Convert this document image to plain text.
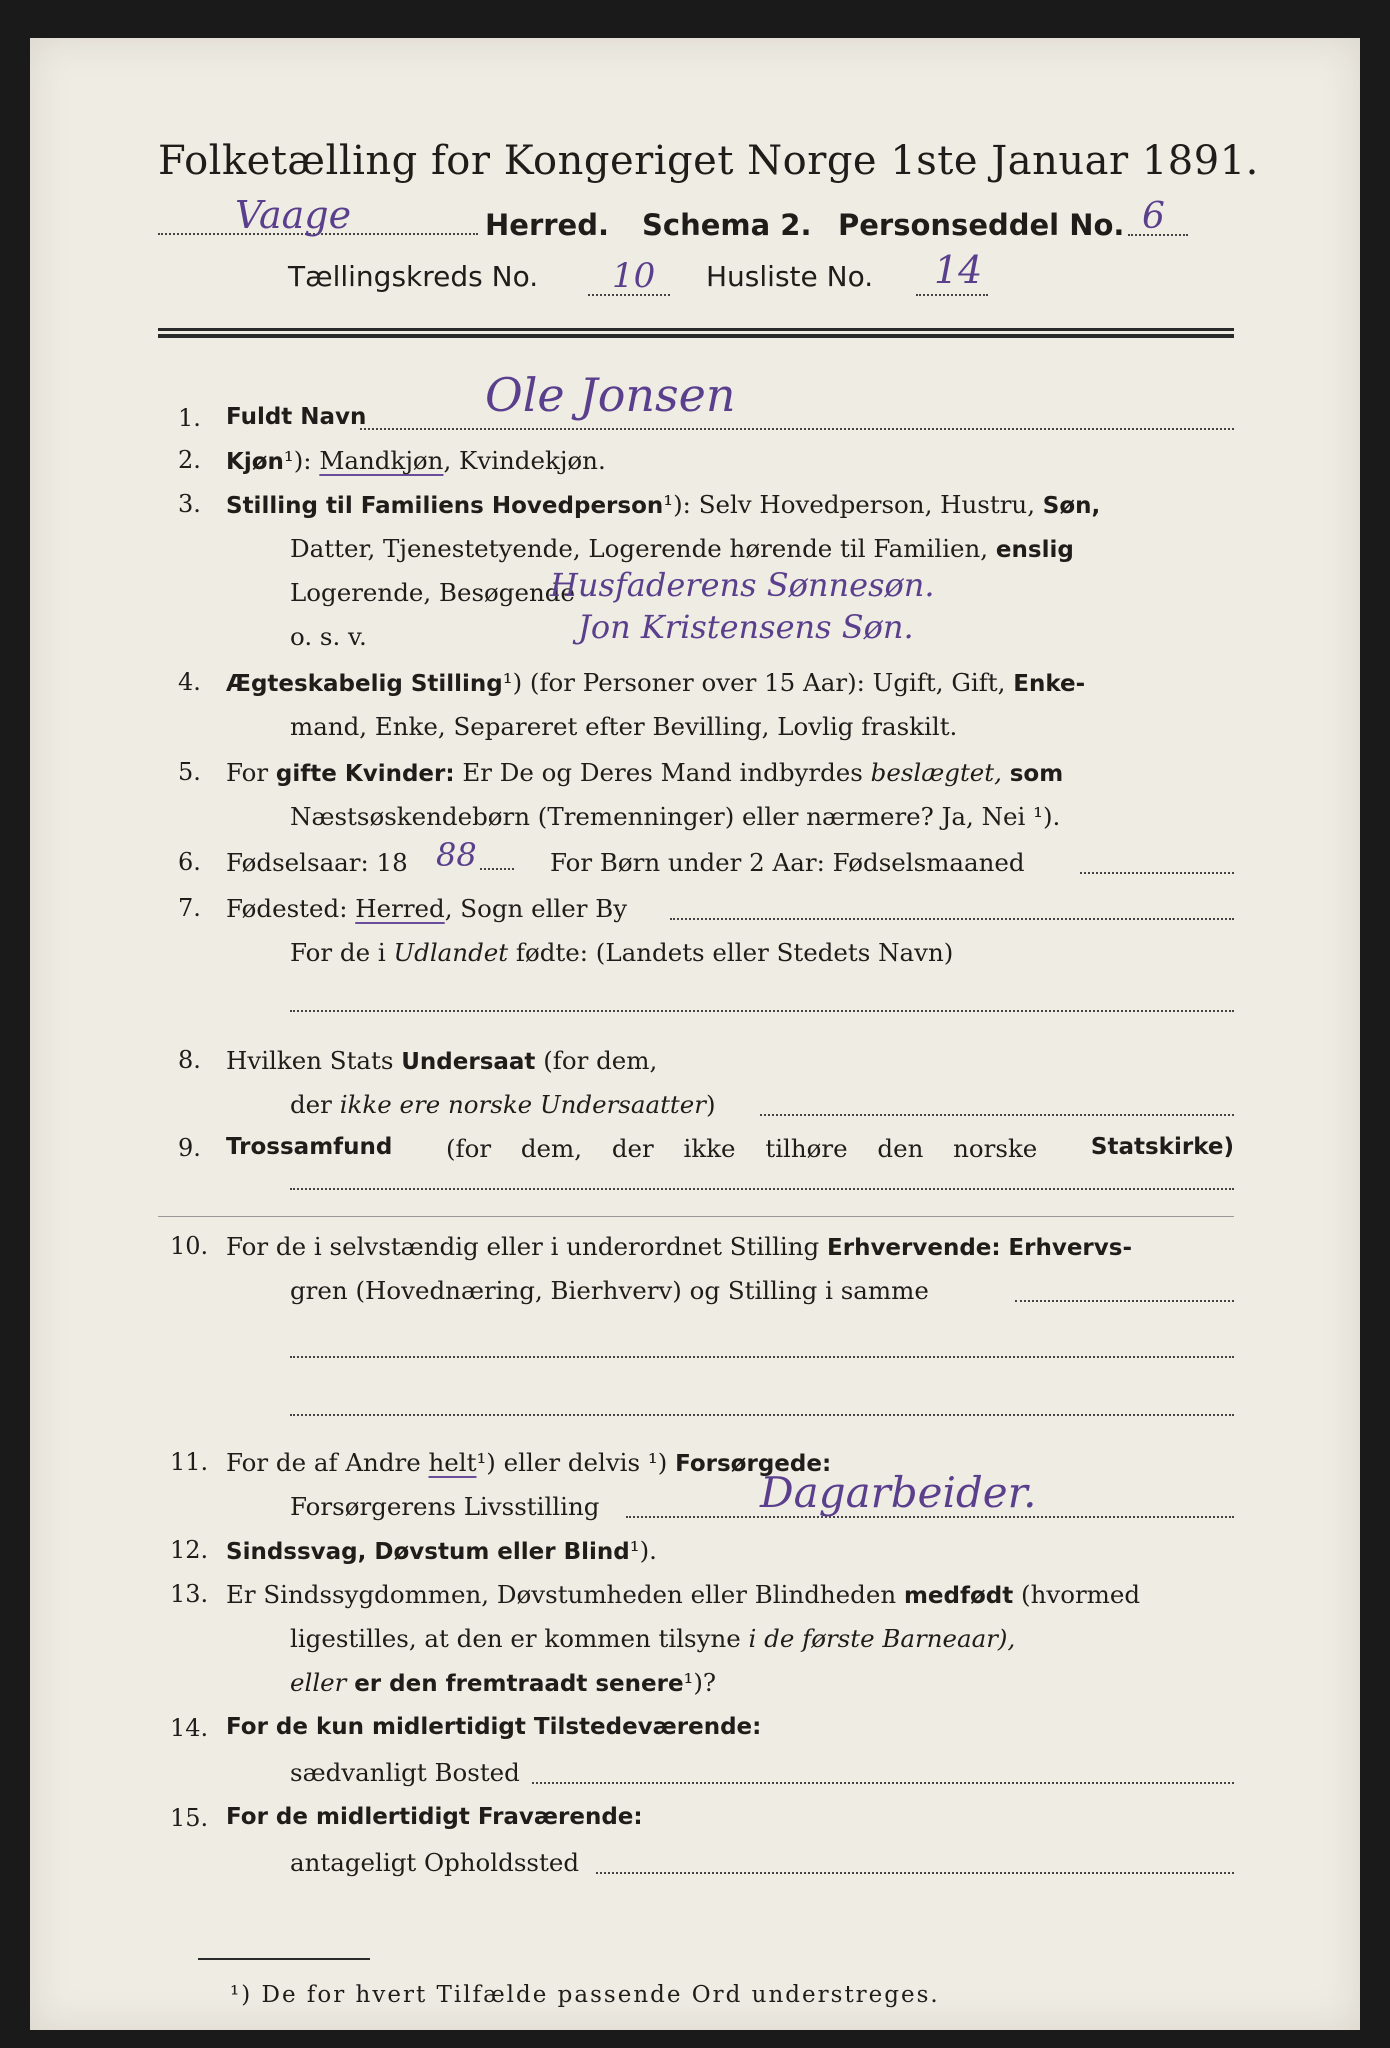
Folketælling for Kongeriget Norge 1ste Januar 1891.
Vaage	Herred. Schema 2. Personseddel No. 6
Tællingskreds No. 10 Husliste No. 14
1. Fuldt Navn	Ole Jonsen
2. Kjøn¹): Mandkjøn, Kvindekjøn.
3. Stilling til Familiens Hovedperson¹): Selv Hovedperson, Hustru, Søn,
Datter, Tjenestetyende, Logerende hørende til Familien, enslig
Logerende, Besøgende
Husfaderens Sønnesøn.
o. s. v.	Jon Kristensens Søn.
4. Ægteskabelig Stilling¹) (for Personer over 15 Aar): Ugift, Gift, Enke-
mand, Enke, Separeret efter Bevilling, Lovlig fraskilt.
5. For gifte Kvinder: Er De og Deres Mand indbyrdes beslægtet, som
Næstsøskendebørn (Tremenninger) eller nærmere? Ja, Nei ¹).
6. Fødselsaar: 18 88	For Børn under 2 Aar: Fødselsmaaned
7. Fødested: Herred, Sogn eller By
For de i Udlandet fødte: (Landets eller Stedets Navn)
8. Hvilken Stats Undersaat (for dem,
der ikke ere norske Undersaatter)
9. Trossamfund (for dem, der ikke tilhøre den norske Statskirke)
10. For de i selvstændig eller i underordnet Stilling Erhvervende: Erhvervs-
gren (Hovednæring, Bierhverv) og Stilling i samme
11. For de af Andre helt¹) eller delvis ¹) Forsørgede:
Forsørgerens Livsstilling	Dagarbeider.
12. Sindssvag, Døvstum eller Blind¹).
13. Er Sindssygdommen, Døvstumheden eller Blindheden medfødt (hvormed
ligestilles, at den er kommen tilsyne i de første Barneaar),
eller er den fremtraadt senere¹)?
14. For de kun midlertidigt Tilstedeværende:
sædvanligt Bosted
15. For de midlertidigt Fraværende:
antageligt Opholdssted
¹) De for hvert Tilfælde passende Ord understreges.
